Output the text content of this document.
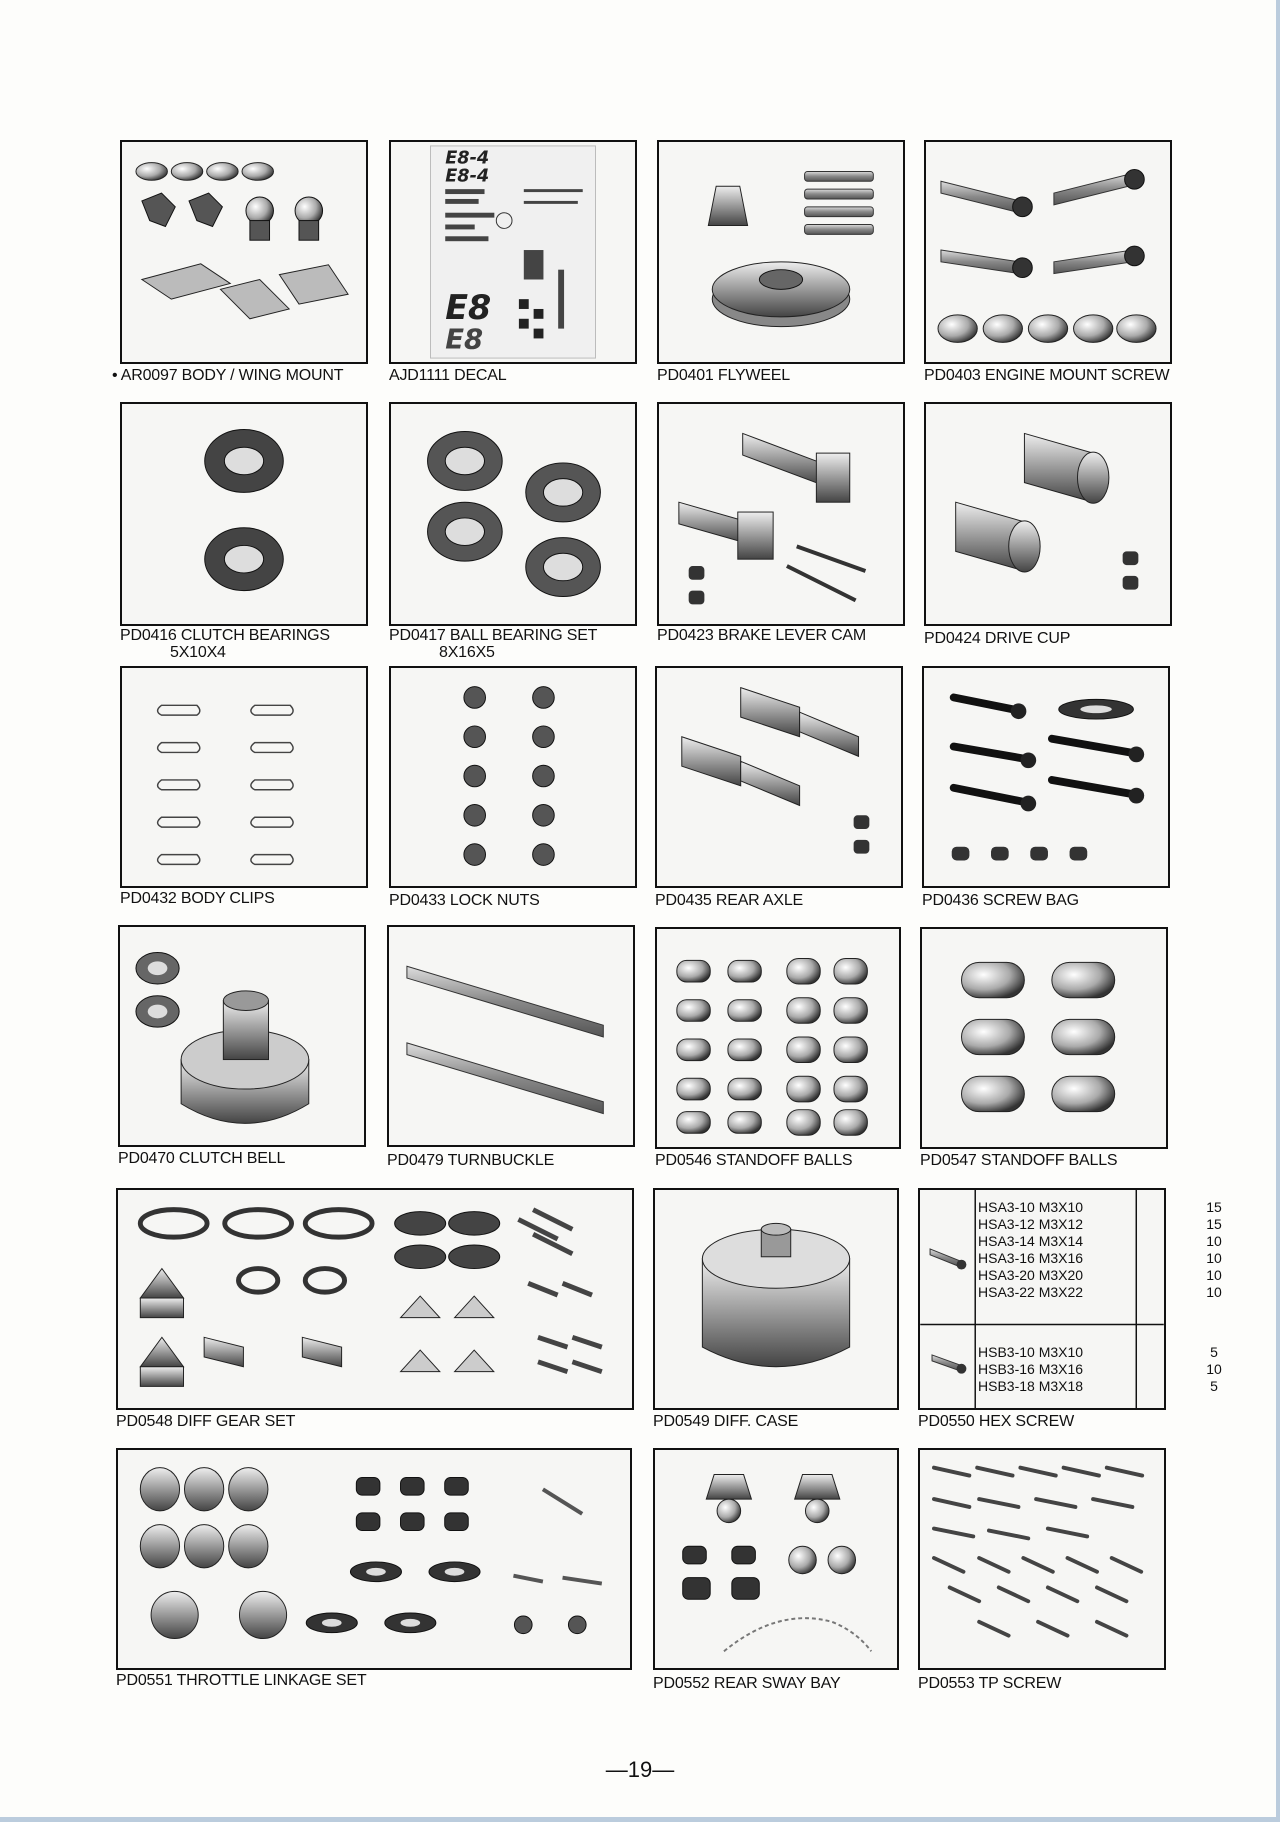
• AR0097 BODY / WING MOUNT
E8-4
E8-4
E8
E8
AJD1111 DECAL	PD0401 FLYWEEL	PD0403 ENGINE MOUNT SCREW
PD0416 CLUTCH BEARINGS
5X10X4
PD0417 BALL BEARING SET
8X16X5
PD0423 BRAKE LEVER CAM	PD0424 DRIVE CUP
PD0432 BODY CLIPS	PD0433 LOCK NUTS	PD0435 REAR AXLE	PD0436 SCREW BAG
PD0470 CLUTCH BELL	PD0479 TURNBUCKLE	PD0546 STANDOFF BALLS	PD0547 STANDOFF BALLS
PD0548 DIFF GEAR SET	PD0549 DIFF. CASE
HSA3-10 M3X10	15
HSA3-12 M3X12	15
HSA3-14 M3X14	10
HSA3-16 M3X16	10
HSA3-20 M3X20	10
HSA3-22 M3X22	10
HSB3-10 M3X10	5
HSB3-16 M3X16	10
HSB3-18 M3X18	5
PD0550 HEX SCREW
PD0551 THROTTLE LINKAGE SET	PD0552 REAR SWAY BAY	PD0553 TP SCREW
—19—
